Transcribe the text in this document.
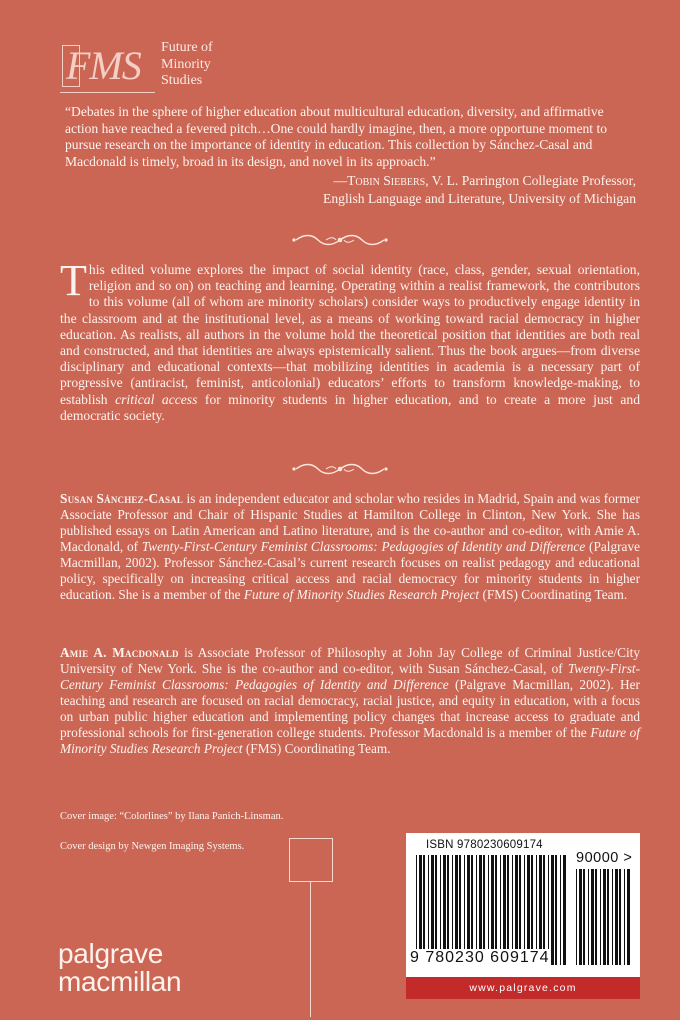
FMS Future of
Minority
Studies

“Debates in the sphere of higher education about multicultural education, diversity, and affirmative action have reached a fevered pitch…One could hardly imagine, then, a more opportune moment to pursue research on the importance of identity in education. This collection by Sánchez-Casal and Macdonald is timely, broad in its design, and novel in its approach.”

—Tobin Siebers, V. L. Parrington Collegiate Professor,
English Language and Literature, University of Michigan

This edited volume explores the impact of social identity (race, class, gender, sexual orientation, religion and so on) on teaching and learning. Operating within a realist framework, the contributors to this volume (all of whom are minority scholars) consider ways to productively engage identity in the classroom and at the institutional level, as a means of working toward racial democracy in higher education. As realists, all authors in the volume hold the theoretical position that identities are both real and constructed, and that identities are always epistemically salient. Thus the book argues—from diverse disciplinary and educational contexts—that mobilizing identities in academia is a necessary part of progressive (antiracist, feminist, anticolonial) educators’ efforts to transform knowledge-making, to establish critical access for minority students in higher education, and to create a more just and democratic society.

Susan Sánchez-Casal is an independent educator and scholar who resides in Madrid, Spain and was former Associate Professor and Chair of Hispanic Studies at Hamilton College in Clinton, New York. She has published essays on Latin American and Latino literature, and is the co-author and co-editor, with Amie A. Macdonald, of Twenty-First-Century Feminist Classrooms: Pedagogies of Identity and Difference (Palgrave Macmillan, 2002). Professor Sánchez-Casal’s current research focuses on realist pedagogy and educational policy, specifically on increasing critical access and racial democracy for minority students in higher education. She is a member of the Future of Minority Studies Research Project (FMS) Coordinating Team.

Amie A. Macdonald is Associate Professor of Philosophy at John Jay College of Criminal Justice/City University of New York. She is the co-author and co-editor, with Susan Sánchez-Casal, of Twenty-First-Century Feminist Classrooms: Pedagogies of Identity and Difference (Palgrave Macmillan, 2002). Her teaching and research are focused on racial democracy, racial justice, and equity in education, with a focus on urban public higher education and implementing policy changes that increase access to graduate and professional schools for first-generation college students. Professor Macdonald is a member of the Future of Minority Studies Research Project (FMS) Coordinating Team.

Cover image: “Colorlines” by Ilana Panich-Linsman.
Cover design by Newgen Imaging Systems.
palgrave
macmillan
ISBN 9780230609174
90000 >
9 780230 609174
www.palgrave.com
